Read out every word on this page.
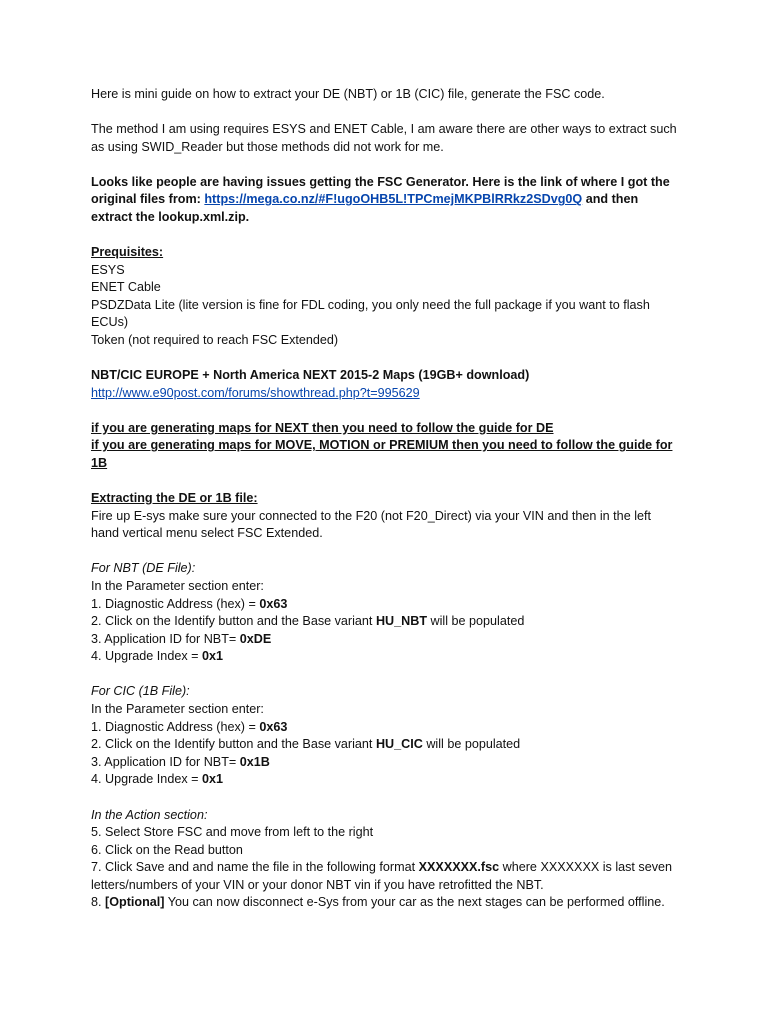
Here is mini guide on how to extract your DE (NBT) or 1B (CIC) file, generate the FSC code.

The method I am using requires ESYS and ENET Cable, I am aware there are other ways to extract such as using SWID_Reader but those methods did not work for me.

Looks like people are having issues getting the FSC Generator. Here is the link of where I got the original files from: https://mega.co.nz/#F!ugoOHB5L!TPCmejMKPBlRRkz2SDvg0Q and then extract the lookup.xml.zip.

Prequisites:

ESYS

ENET Cable

PSDZData Lite (lite version is fine for FDL coding, you only need the full package if you want to flash ECUs)

Token (not required to reach FSC Extended)

NBT/CIC EUROPE + North America NEXT 2015-2 Maps (19GB+ download)

http://www.e90post.com/forums/showthread.php?t=995629

if you are generating maps for NEXT then you need to follow the guide for DE

if you are generating maps for MOVE, MOTION or PREMIUM then you need to follow the guide for 1B

Extracting the DE or 1B file:

Fire up E-sys make sure your connected to the F20 (not F20_Direct) via your VIN and then in the left hand vertical menu select FSC Extended.

For NBT (DE File):

In the Parameter section enter:

1. Diagnostic Address (hex) = 0x63

2. Click on the Identify button and the Base variant HU_NBT will be populated

3. Application ID for NBT= 0xDE

4. Upgrade Index = 0x1

For CIC (1B File):

In the Parameter section enter:

1. Diagnostic Address (hex) = 0x63

2. Click on the Identify button and the Base variant HU_CIC will be populated

3. Application ID for NBT= 0x1B

4. Upgrade Index = 0x1

In the Action section:

5. Select Store FSC and move from left to the right

6. Click on the Read button

7. Click Save and and name the file in the following format XXXXXXX.fsc where XXXXXXX is last seven letters/numbers of your VIN or your donor NBT vin if you have retrofitted the NBT.

8. [Optional] You can now disconnect e-Sys from your car as the next stages can be performed offline.
